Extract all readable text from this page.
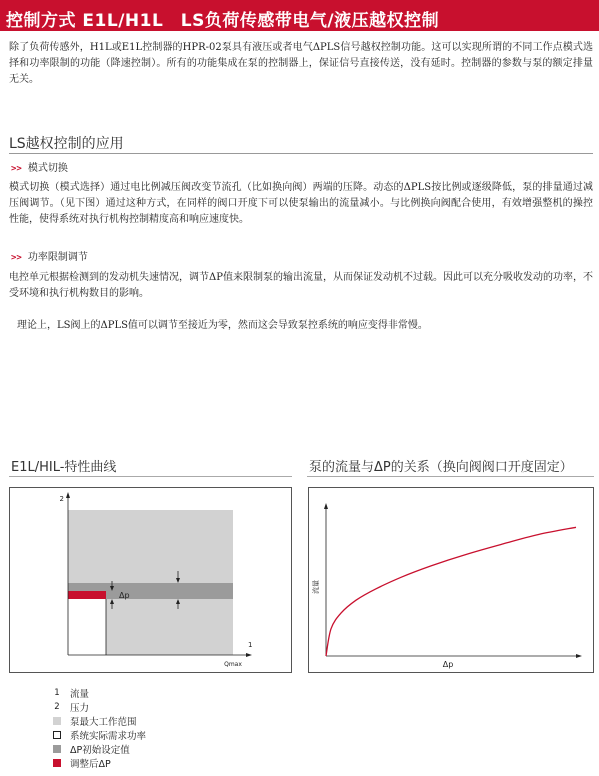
控制方式 E1L/H1L　LS负荷传感带电气/液压越权控制

除了负荷传感外，H1L或E1L控制器的HPR-02泵具有液压或者电气ΔPLS信号越权控制功能。这可以实现所谓的不同工作点模式选择和功率限制的功能（降速控制）。所有的功能集成在泵的控制器上，保证信号直接传送，没有延时。控制器的参数与泵的额定排量无关。

LS越权控制的应用
>> 模式切换

模式切换（模式选择）通过电比例减压阀改变节流孔（比如换向阀）两端的压降。动态的ΔPLS按比例或逐级降低，泵的排量通过减压阀调节。（见下图）通过这种方式，在同样的阀口开度下可以使泵输出的流量减小。与比例换向阀配合使用，有效增强整机的操控性能，使得系统对执行机构控制精度高和响应速度快。

>> 功率限制调节

电控单元根据检测到的发动机失速情况，调节ΔP值来限制泵的输出流量，从而保证发动机不过载。因此可以充分吸收发动的功率，不受环境和执行机构数目的影响。

理论上，LS阀上的ΔPLS值可以调节至接近为零，然而这会导致泵控系统的响应变得非常慢。

E1L/HIL-特性曲线
2
1
Qmax
Δp
泵的流量与ΔP的关系（换向阀阀口开度固定）
流量
Δp
1 流量
2 压力
泵最大工作范围
系统实际需求功率
ΔP初始设定值
调整后ΔP
